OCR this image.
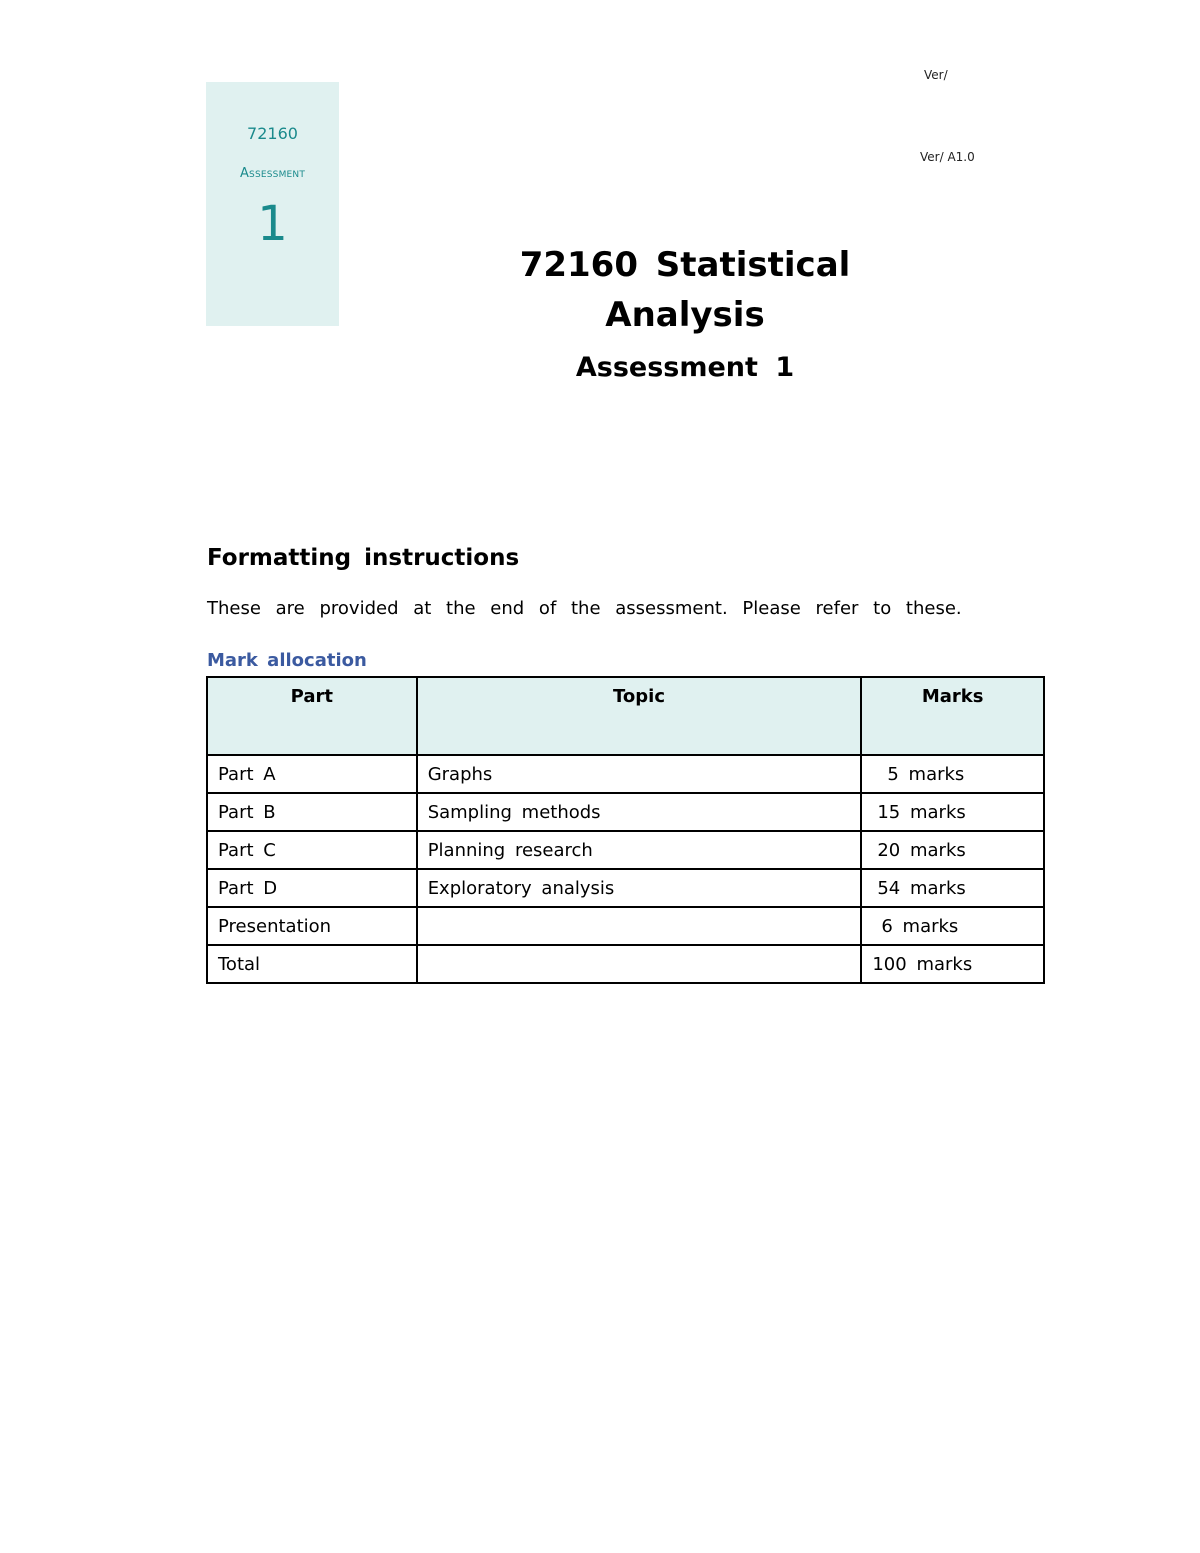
72160
Assessment
1
Ver/
Ver/ A1.0
72160 Statistical Analysis
Assessment 1
Formatting instructions
These are provided at the end of the assessment. Please refer to these.
Mark allocation
Part	Topic	Marks
Part A	Graphs	5 marks
Part B	Sampling methods	15 marks
Part C	Planning research	20 marks
Part D	Exploratory analysis	54 marks
Presentation		6 marks
Total		100 marks
